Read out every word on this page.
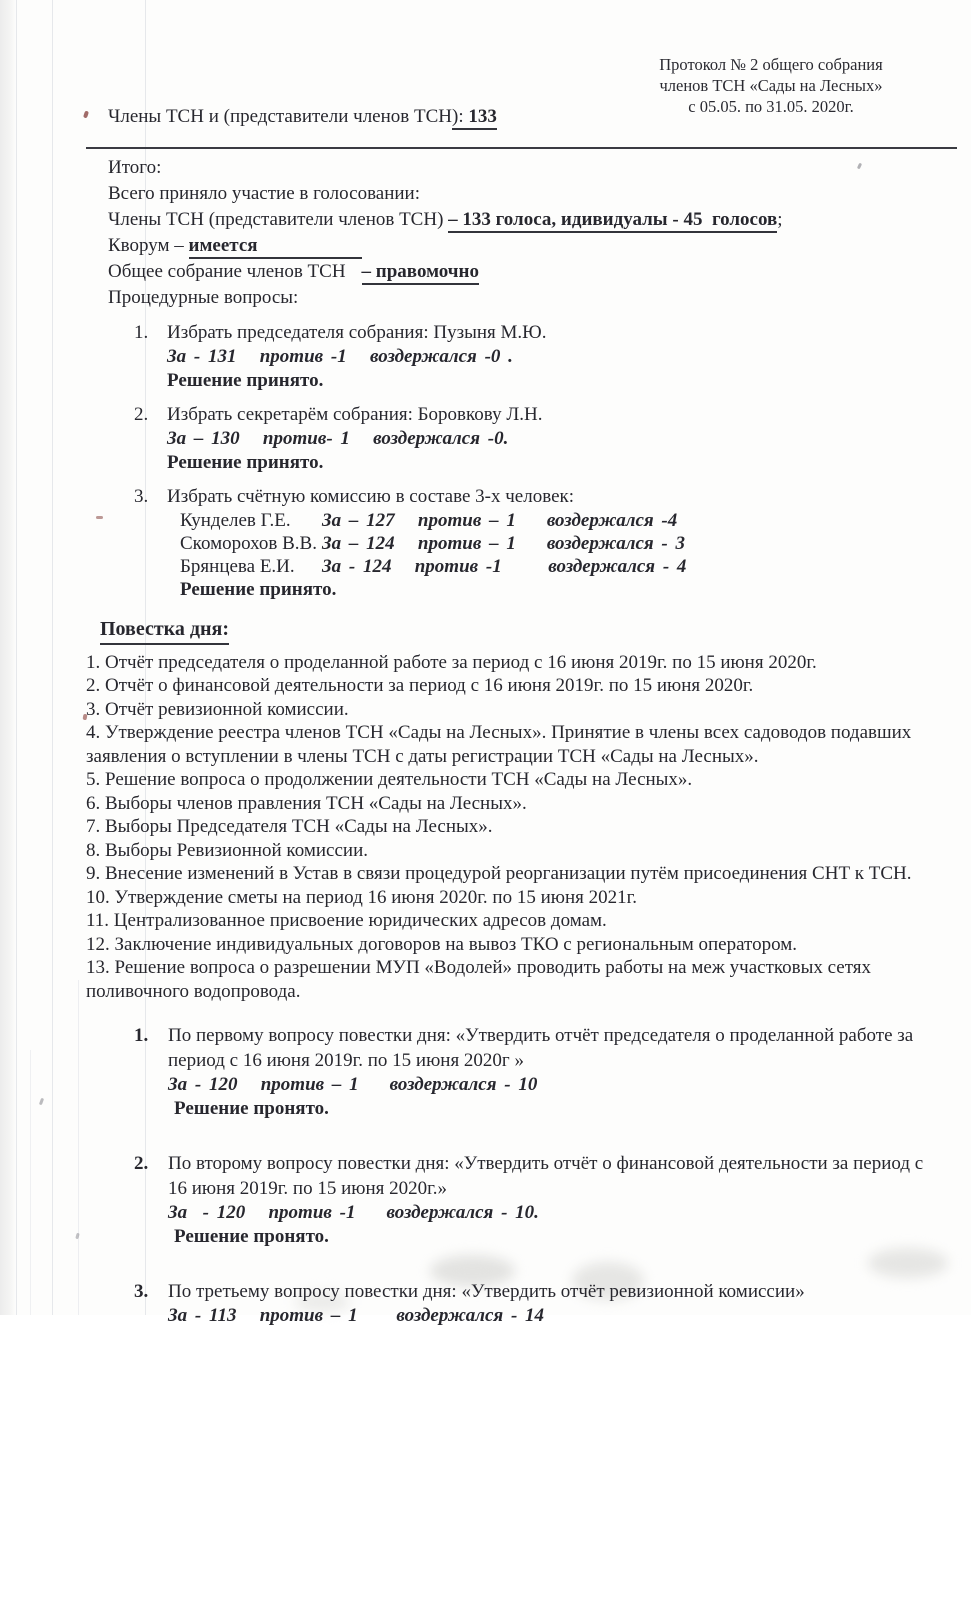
Протокол № 2 общего собрания
членов ТСН «Сады на Лесных»
с 05.05. по 31.05. 2020г.
Члены ТСН и (представители членов ТСН): 133
Итого:
Всего приняло участие в голосовании:
Члены ТСН (представители членов ТСН) – 133 голоса, идивидуалы - 45  голосов;
Кворум – имеется
Общее собрание членов ТСН – правомочно
Процедурные вопросы:
1. Избрать председателя собрания: Пузыня М.Ю.
За - 131   против -1   воздержался -0 .
Решение принято.
2. Избрать секретарём собрания: Боровкову Л.Н.
За – 130   против- 1   воздержался -0.
Решение принято.
3. Избрать счётную комиссию в составе 3-х человек:
Кунделев Г.Е. За – 127   против – 1    воздержался -4
Скоморохов В.В. За – 124   против – 1    воздержался - 3
Брянцева Е.И. За - 124   против -1      воздержался - 4
Решение принято.
Повестка дня:
1. Отчёт председателя о проделанной работе за период с 16 июня 2019г. по 15 июня 2020г.
2. Отчёт о финансовой деятельности за период с 16 июня 2019г. по 15 июня 2020г.
3. Отчёт ревизионной комиссии.
4. Утверждение реестра членов ТСН «Сады на Лесных». Принятие в члены всех садоводов подавших заявления о вступлении в члены ТСН с даты регистрации ТСН «Сады на Лесных».
5. Решение вопроса о продолжении деятельности ТСН «Сады на Лесных».
6. Выборы членов правления ТСН «Сады на Лесных».
7. Выборы Председателя ТСН «Сады на Лесных».
8. Выборы Ревизионной комиссии.
9. Внесение изменений в Устав в связи процедурой реорганизации путём присоединения СНТ к ТСН.
10. Утверждение сметы на период 16 июня 2020г. по 15 июня 2021г.
11. Централизованное присвоение юридических адресов домам.
12. Заключение индивидуальных договоров на вывоз ТКО с региональным оператором.
13. Решение вопроса о разрешении МУП «Водолей» проводить работы на меж участковых сетях поливочного водопровода.
1.	По первому вопросу повестки дня: «Утвердить отчёт председателя о проделанной работе за период с 16 июня 2019г. по 15 июня 2020г »
За - 120   против – 1    воздержался - 10
Решение пронято.
2.	По второму вопросу повестки дня: «Утвердить отчёт о финансовой деятельности за период с 16 июня 2019г. по 15 июня 2020г.»
За  - 120   против -1    воздержался - 10.
Решение пронято.
3.	По третьему вопросу повестки дня: «Утвердить отчёт ревизионной комиссии»
За - 113   против – 1     воздержался - 14
